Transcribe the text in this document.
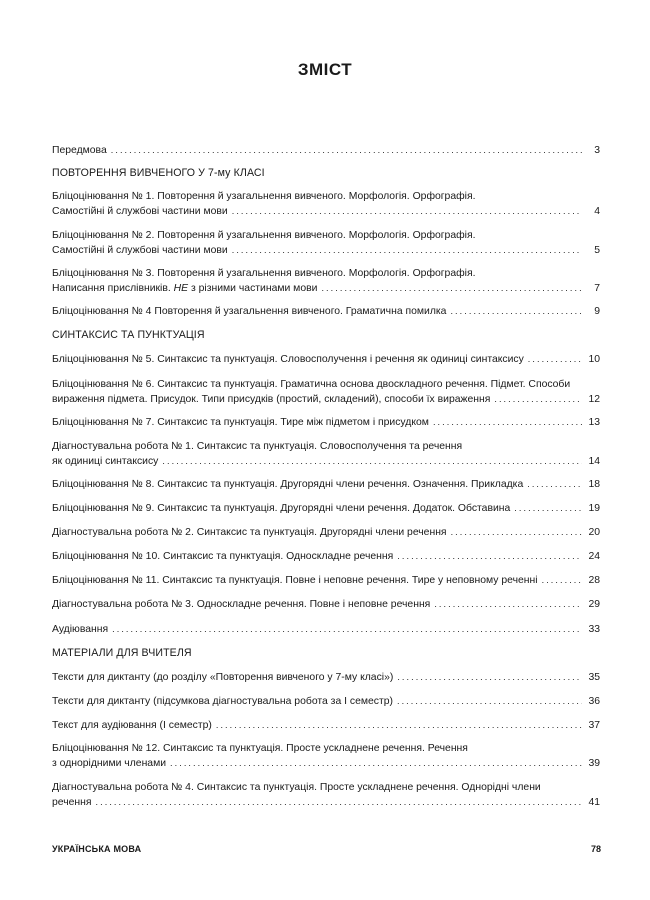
ЗМІСТ
Передмова . . .	3
ПОВТОРЕННЯ ВИВЧЕНОГО У 7-му КЛАСІ
Бліцоцінювання № 1. Повторення й узагальнення вивченого. Морфологія. Орфографія.
Самостійні й службові частини мови . . .	4
Бліцоцінювання № 2. Повторення й узагальнення вивченого. Морфологія. Орфографія.
Самостійні й службові частини мови . . .	5
Бліцоцінювання № 3. Повторення й узагальнення вивченого. Морфологія. Орфографія.
Написання прислівників. НЕ з різними частинами мови . . .	7
Бліцоцінювання № 4 Повторення й узагальнення вивченого. Граматична помилка . . .	9
СИНТАКСИС ТА ПУНКТУАЦІЯ
Бліцоцінювання № 5. Синтаксис та пунктуація. Словосполучення і речення як одиниці синтаксису . . .	10
Бліцоцінювання № 6. Синтаксис та пунктуація. Граматична основа двоскладного речення. Підмет. Способи
вираження підмета. Присудок. Типи присудків (простий, складений), способи їх вираження . . .	12
Бліцоцінювання № 7. Синтаксис та пунктуація. Тире між підметом і присудком . . .	13
Діагностувальна робота № 1. Синтаксис та пунктуація. Словосполучення та речення
як одиниці синтаксису . . .	14
Бліцоцінювання № 8. Синтаксис та пунктуація. Другорядні члени речення. Означення. Прикладка . . .	18
Бліцоцінювання № 9. Синтаксис та пунктуація. Другорядні члени речення. Додаток. Обставина . . .	19
Діагностувальна робота № 2. Синтаксис та пунктуація. Другорядні члени речення . . .	20
Бліцоцінювання № 10. Синтаксис та пунктуація. Односкладне речення . . .	24
Бліцоцінювання № 11. Синтаксис та пунктуація. Повне і неповне речення. Тире у неповному реченні . . .	28
Діагностувальна робота № 3. Односкладне речення. Повне і неповне речення . . .	29
Аудіювання . . .	33
МАТЕРІАЛИ ДЛЯ ВЧИТЕЛЯ
Тексти для диктанту (до розділу «Повторення вивченого у 7-му класі») . . .	35
Тексти для диктанту (підсумкова діагностувальна робота за І семестр) . . .	36
Текст для аудіювання (І семестр) . . .	37
Бліцоцінювання № 12. Синтаксис та пунктуація. Просте ускладнене речення. Речення
з однорідними членами . . .	39
Діагностувальна робота № 4. Синтаксис та пунктуація. Просте ускладнене речення. Однорідні члени
речення . . .	41
УКРАЇНСЬКА МОВА	78
